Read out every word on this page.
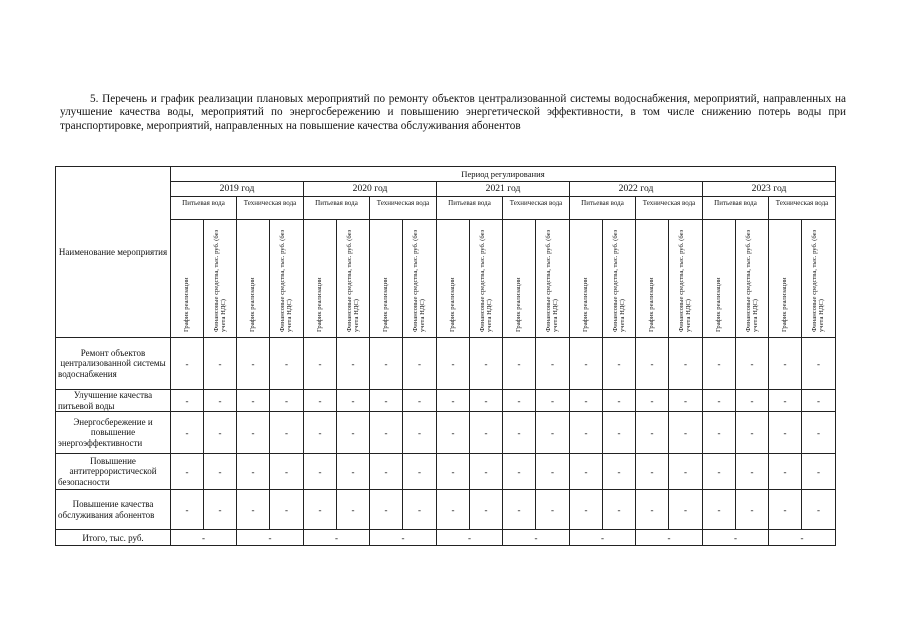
5. Перечень и график реализации плановых мероприятий по ремонту объектов централизованной системы водоснабжения, мероприятий, направленных на улучшение качества воды, мероприятий по энергосбережению и повышению энергетической эффективности, в том числе снижению потерь воды при транспортировке, мероприятий, направленных на повышение качества обслуживания абонентов
Наименование мероприятия	Период регулирования																			
	2019 год				2020 год				2021 год				2022 год				2023 год			
	Питьевая вода		Техническая вода		Питьевая вода		Техническая вода		Питьевая вода		Техническая вода		Питьевая вода		Техническая вода		Питьевая вода		Техническая вода	
	График реализации	Финансовые средства, тыс. руб. (без учета НДС)	График реализации	Финансовые средства, тыс. руб. (без учета НДС)	График реализации	Финансовые средства, тыс. руб. (без учета НДС)	График реализации	Финансовые средства, тыс. руб. (без учета НДС)	График реализации	Финансовые средства, тыс. руб. (без учета НДС)	График реализации	Финансовые средства, тыс. руб. (без учета НДС)	График реализации	Финансовые средства, тыс. руб. (без учета НДС)	График реализации	Финансовые средства, тыс. руб. (без учета НДС)	График реализации	Финансовые средства, тыс. руб. (без учета НДС)	График реализации	Финансовые средства, тыс. руб. (без учета НДС)
Ремонт объектов централизованной системы водоснабжения	-	-	-	-	-	-	-	-	-	-	-	-	-	-	-	-	-	-	-	-
Улучшение качества питьевой воды	-	-	-	-	-	-	-	-	-	-	-	-	-	-	-	-	-	-	-	-
Энергосбережение и повышение энергоэффективности	-	-	-	-	-	-	-	-	-	-	-	-	-	-	-	-	-	-	-	-
Повышение антитеррористической безопасности	-	-	-	-	-	-	-	-	-	-	-	-	-	-	-	-	-	-	-	-
Повышение качества обслуживания абонентов	-	-	-	-	-	-	-	-	-	-	-	-	-	-	-	-	-	-	-	-
Итого, тыс. руб.	-		-		-		-		-		-		-		-		-		-	
